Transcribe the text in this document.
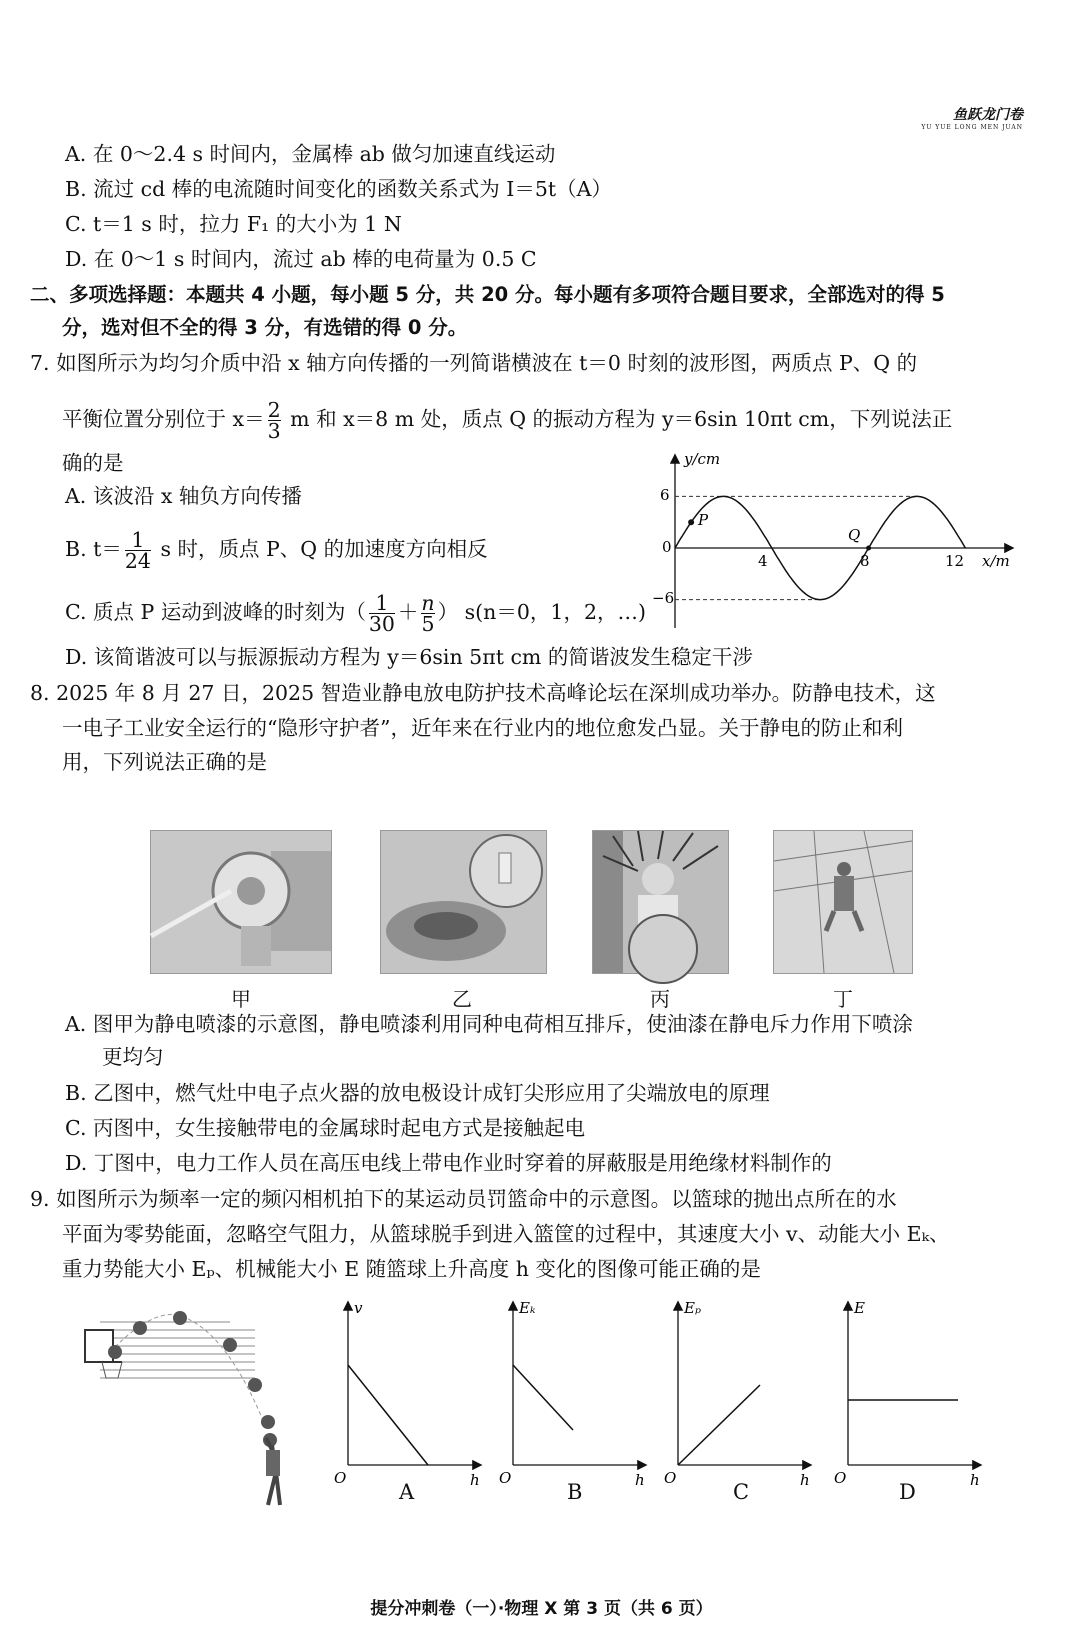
鱼跃龙门卷
YU YUE LONG MEN JUAN
A. 在 0～2.4 s 时间内，金属棒 ab 做匀加速直线运动
B. 流过 cd 棒的电流随时间变化的函数关系式为 I＝5t（A）
C. t＝1 s 时，拉力 F₁ 的大小为 1 N
D. 在 0～1 s 时间内，流过 ab 棒的电荷量为 0.5 C
二、多项选择题：本题共 4 小题，每小题 5 分，共 20 分。每小题有多项符合题目要求，全部选对的得 5
分，选对但不全的得 3 分，有选错的得 0 分。
7. 如图所示为均匀介质中沿 x 轴方向传播的一列简谐横波在 t＝0 时刻的波形图，两质点 P、Q 的
平衡位置分别位于 $x= \frac{2}{3}$ m 和 x＝8 m 处，质点 Q 的振动方程为 y＝6sin 10πt cm，下列说法正
确的是
A. 该波沿 x 轴负方向传播
B. $t= \frac{1}{24}$ s 时，质点 P、Q 的加速度方向相反
C. 质点 P 运动到波峰的时刻为（ $\frac{1}{30} + \frac{n}{5}$ ） s(n＝0，1，2，…)
D. 该简谐波可以与振源振动方程为 y＝6sin 5πt cm 的简谐波发生稳定干涉
y/cm
x/m
6
0
−6
4	8	12
P
Q
8. 2025 年 8 月 27 日，2025 智造业静电放电防护技术高峰论坛在深圳成功举办。防静电技术，这
一电子工业安全运行的“隐形守护者”，近年来在行业内的地位愈发凸显。关于静电的防止和利
用，下列说法正确的是
甲	乙	丙	丁
A. 图甲为静电喷漆的示意图，静电喷漆利用同种电荷相互排斥，使油漆在静电斥力作用下喷涂
更均匀
B. 乙图中，燃气灶中电子点火器的放电极设计成钉尖形应用了尖端放电的原理
C. 丙图中，女生接触带电的金属球时起电方式是接触起电
D. 丁图中，电力工作人员在高压电线上带电作业时穿着的屏蔽服是用绝缘材料制作的
9. 如图所示为频率一定的频闪相机拍下的某运动员罚篮命中的示意图。以篮球的抛出点所在的水
平面为零势能面，忽略空气阻力，从篮球脱手到进入篮筐的过程中，其速度大小 v、动能大小 Eₖ、
重力势能大小 Eₚ、机械能大小 E 随篮球上升高度 h 变化的图像可能正确的是
v
O	h
Eₖ
O	h
Eₚ
O	h
E
O	h
A	B	C	D
提分冲刺卷（一）·物理 X 第 3 页（共 6 页）
